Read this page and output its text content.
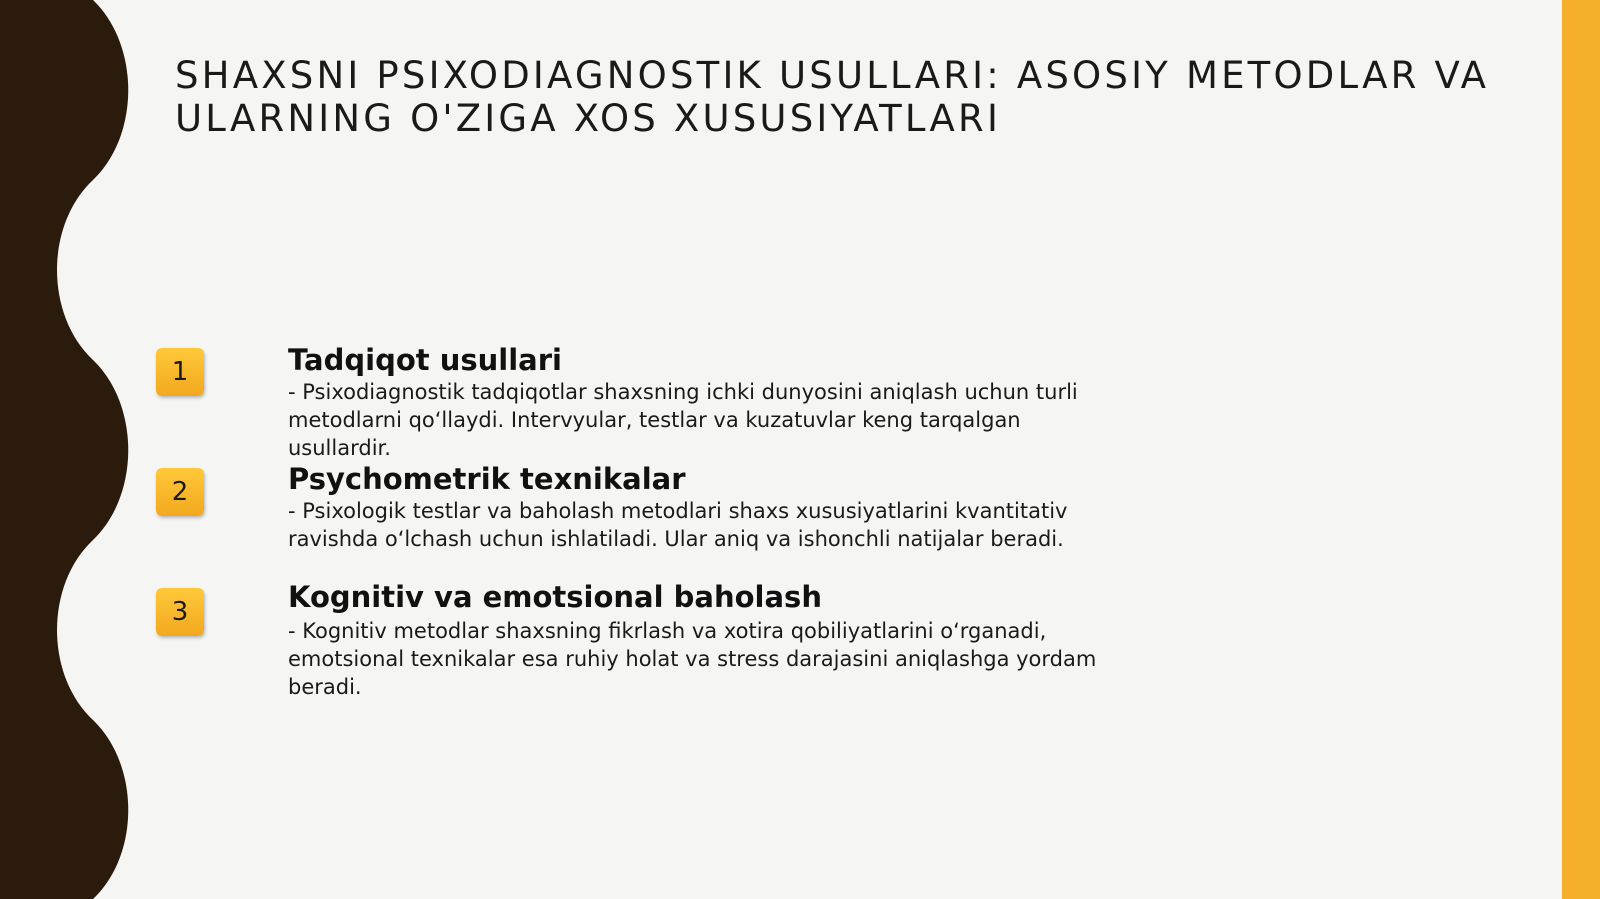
SHAXSNI PSIXODIAGNOSTIK USULLARI: ASOSIY METODLAR VA ULARNING O'ZIGA XOS XUSUSIYATLARI
1	Tadqiqot usullari

- Psixodiagnostik tadqiqotlar shaxsning ichki dunyosini aniqlash uchun turli metodlarni qo‘llaydi. Intervyular, testlar va kuzatuvlar keng tarqalgan usullardir.

2	Psychometrik texnikalar

- Psixologik testlar va baholash metodlari shaxs xususiyatlarini kvantitativ ravishda o‘lchash uchun ishlatiladi. Ular aniq va ishonchli natijalar beradi.

3	Kognitiv va emotsional baholash

- Kognitiv metodlar shaxsning fikrlash va xotira qobiliyatlarini o‘rganadi, emotsional texnikalar esa ruhiy holat va stress darajasini aniqlashga yordam beradi.
